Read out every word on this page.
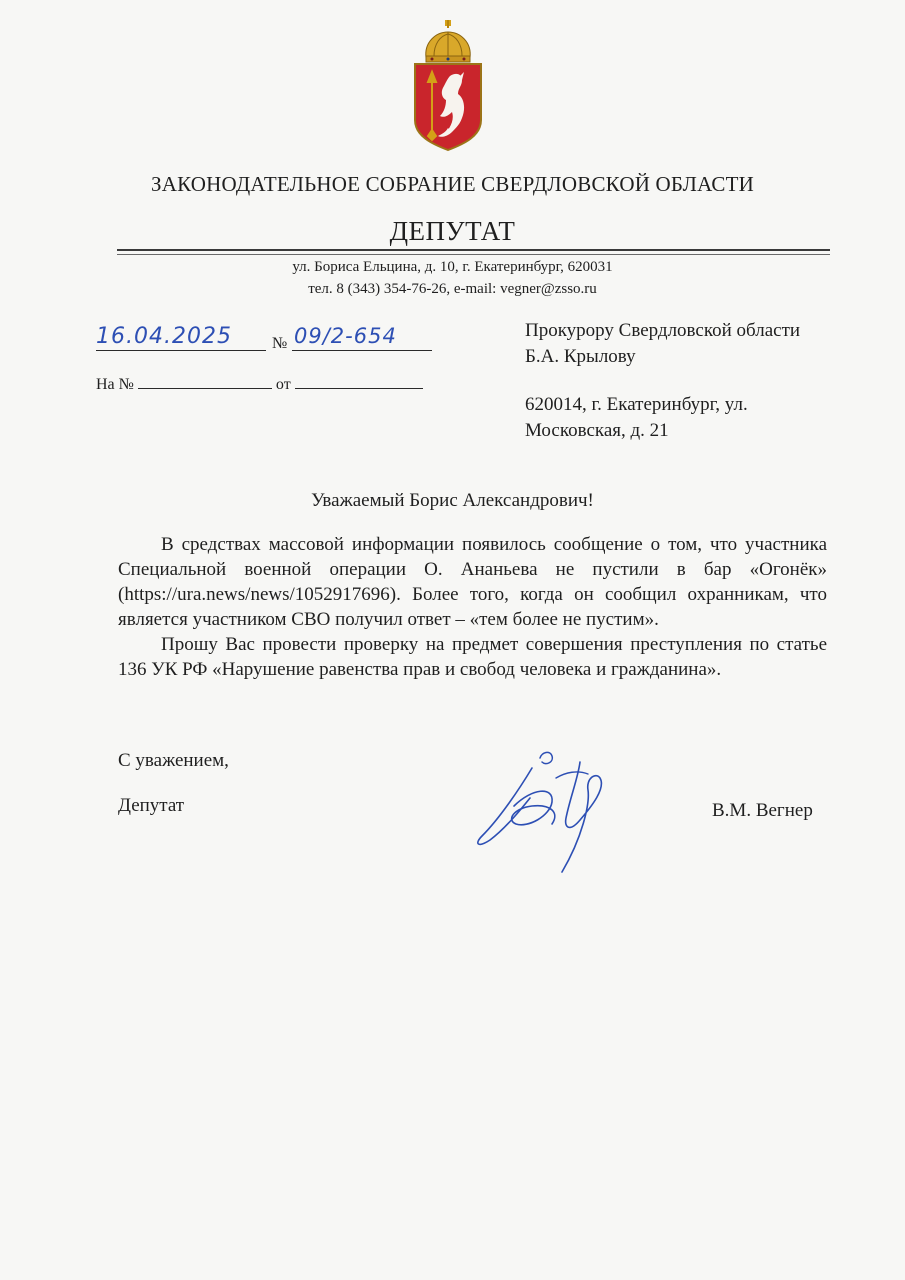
ЗАКОНОДАТЕЛЬНОЕ СОБРАНИЕ СВЕРДЛОВСКОЙ ОБЛАСТИ
ДЕПУТАТ
ул. Бориса Ельцина, д. 10, г. Екатеринбург, 620031
тел. 8 (343) 354-76-26, e-mail: vegner@zsso.ru
16.04.2025	№ 09/2-654
На №	от
Прокурору Свердловской области
Б.А. Крылову
620014, г. Екатеринбург, ул.
Московская, д. 21
Уважаемый Борис Александрович!

В средствах массовой информации появилось сообщение о том, что участника Специальной военной операции О. Ананьева не пустили в бар «Огонёк» (https://ura.news/news/1052917696). Более того, когда он сообщил охранникам, что является участником СВО получил ответ – «тем более не пустим».

Прошу Вас провести проверку на предмет совершения преступления по статье 136 УК РФ «Нарушение равенства прав и свобод человека и гражданина».

С уважением,
Депутат	В.М. Вегнер
